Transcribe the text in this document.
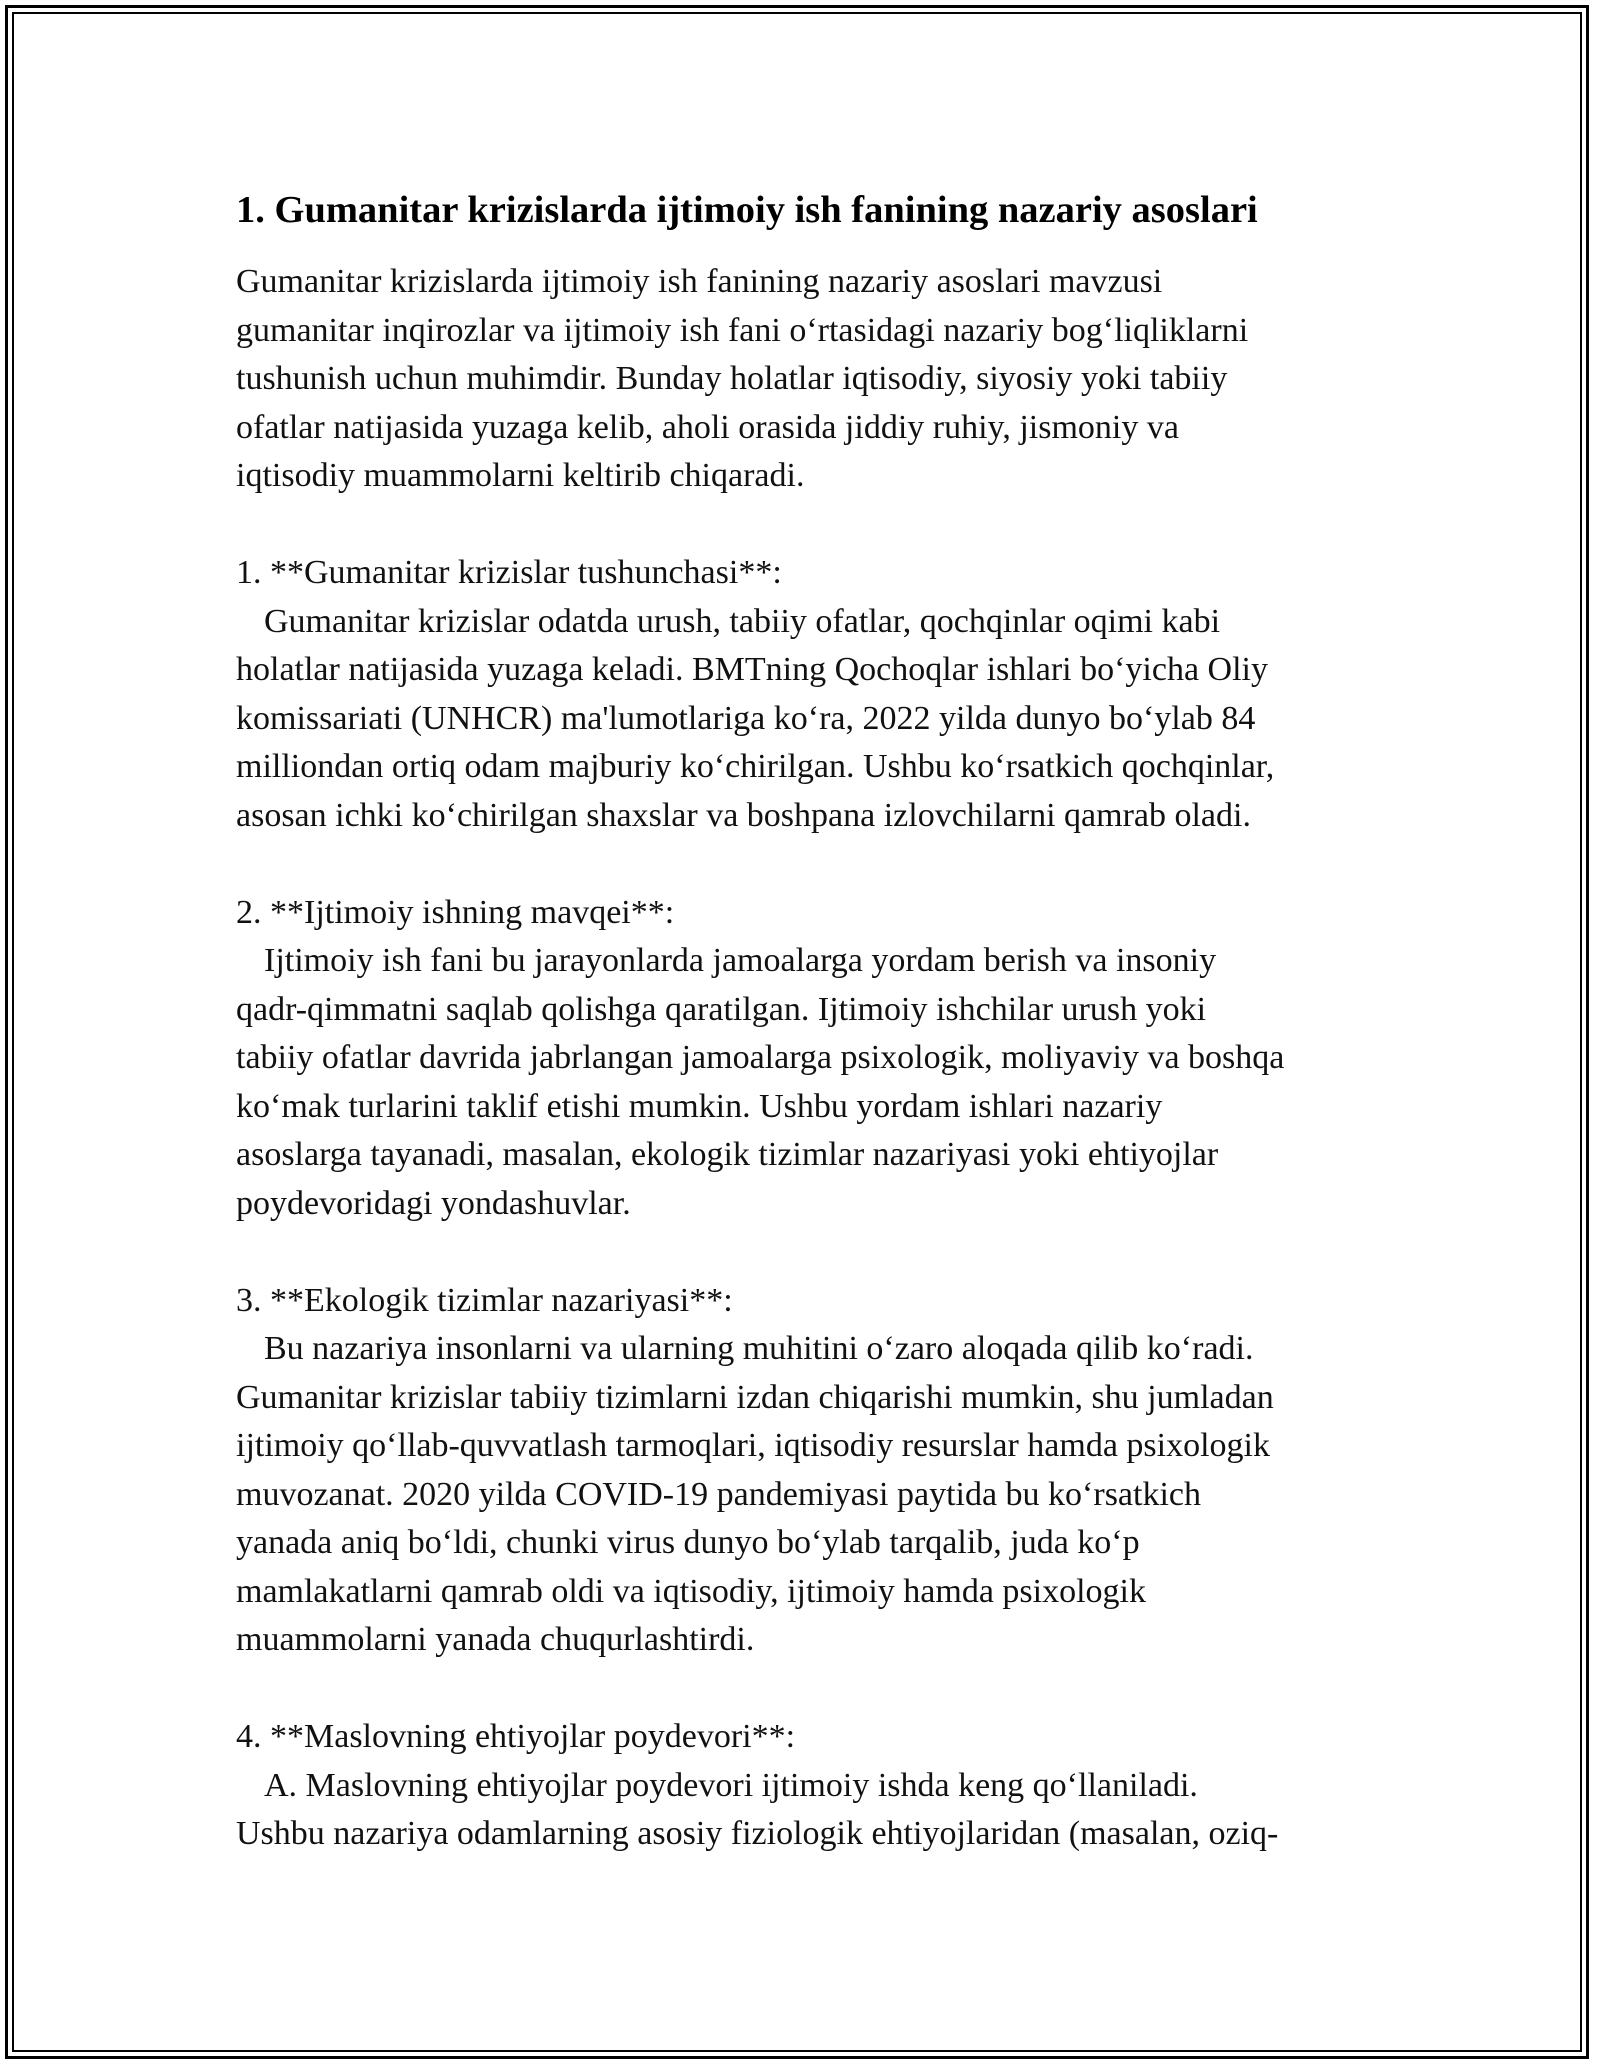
1. Gumanitar krizislarda ijtimoiy ish fanining nazariy asoslari
Gumanitar krizislarda ijtimoiy ish fanining nazariy asoslari mavzusi
gumanitar inqirozlar va ijtimoiy ish fani o‘rtasidagi nazariy bog‘liqliklarni
tushunish uchun muhimdir. Bunday holatlar iqtisodiy, siyosiy yoki tabiiy
ofatlar natijasida yuzaga kelib, aholi orasida jiddiy ruhiy, jismoniy va
iqtisodiy muammolarni keltirib chiqaradi.
1. **Gumanitar krizislar tushunchasi**:
Gumanitar krizislar odatda urush, tabiiy ofatlar, qochqinlar oqimi kabi
holatlar natijasida yuzaga keladi. BMTning Qochoqlar ishlari bo‘yicha Oliy
komissariati (UNHCR) ma'lumotlariga ko‘ra, 2022 yilda dunyo bo‘ylab 84
milliondan ortiq odam majburiy ko‘chirilgan. Ushbu ko‘rsatkich qochqinlar,
asosan ichki ko‘chirilgan shaxslar va boshpana izlovchilarni qamrab oladi.
2. **Ijtimoiy ishning mavqei**:
Ijtimoiy ish fani bu jarayonlarda jamoalarga yordam berish va insoniy
qadr-qimmatni saqlab qolishga qaratilgan. Ijtimoiy ishchilar urush yoki
tabiiy ofatlar davrida jabrlangan jamoalarga psixologik, moliyaviy va boshqa
ko‘mak turlarini taklif etishi mumkin. Ushbu yordam ishlari nazariy
asoslarga tayanadi, masalan, ekologik tizimlar nazariyasi yoki ehtiyojlar
poydevoridagi yondashuvlar.
3. **Ekologik tizimlar nazariyasi**:
Bu nazariya insonlarni va ularning muhitini o‘zaro aloqada qilib ko‘radi.
Gumanitar krizislar tabiiy tizimlarni izdan chiqarishi mumkin, shu jumladan
ijtimoiy qo‘llab-quvvatlash tarmoqlari, iqtisodiy resurslar hamda psixologik
muvozanat. 2020 yilda COVID-19 pandemiyasi paytida bu ko‘rsatkich
yanada aniq bo‘ldi, chunki virus dunyo bo‘ylab tarqalib, juda ko‘p
mamlakatlarni qamrab oldi va iqtisodiy, ijtimoiy hamda psixologik
muammolarni yanada chuqurlashtirdi.
4. **Maslovning ehtiyojlar poydevori**:
A. Maslovning ehtiyojlar poydevori ijtimoiy ishda keng qo‘llaniladi.
Ushbu nazariya odamlarning asosiy fiziologik ehtiyojlaridan (masalan, oziq-
